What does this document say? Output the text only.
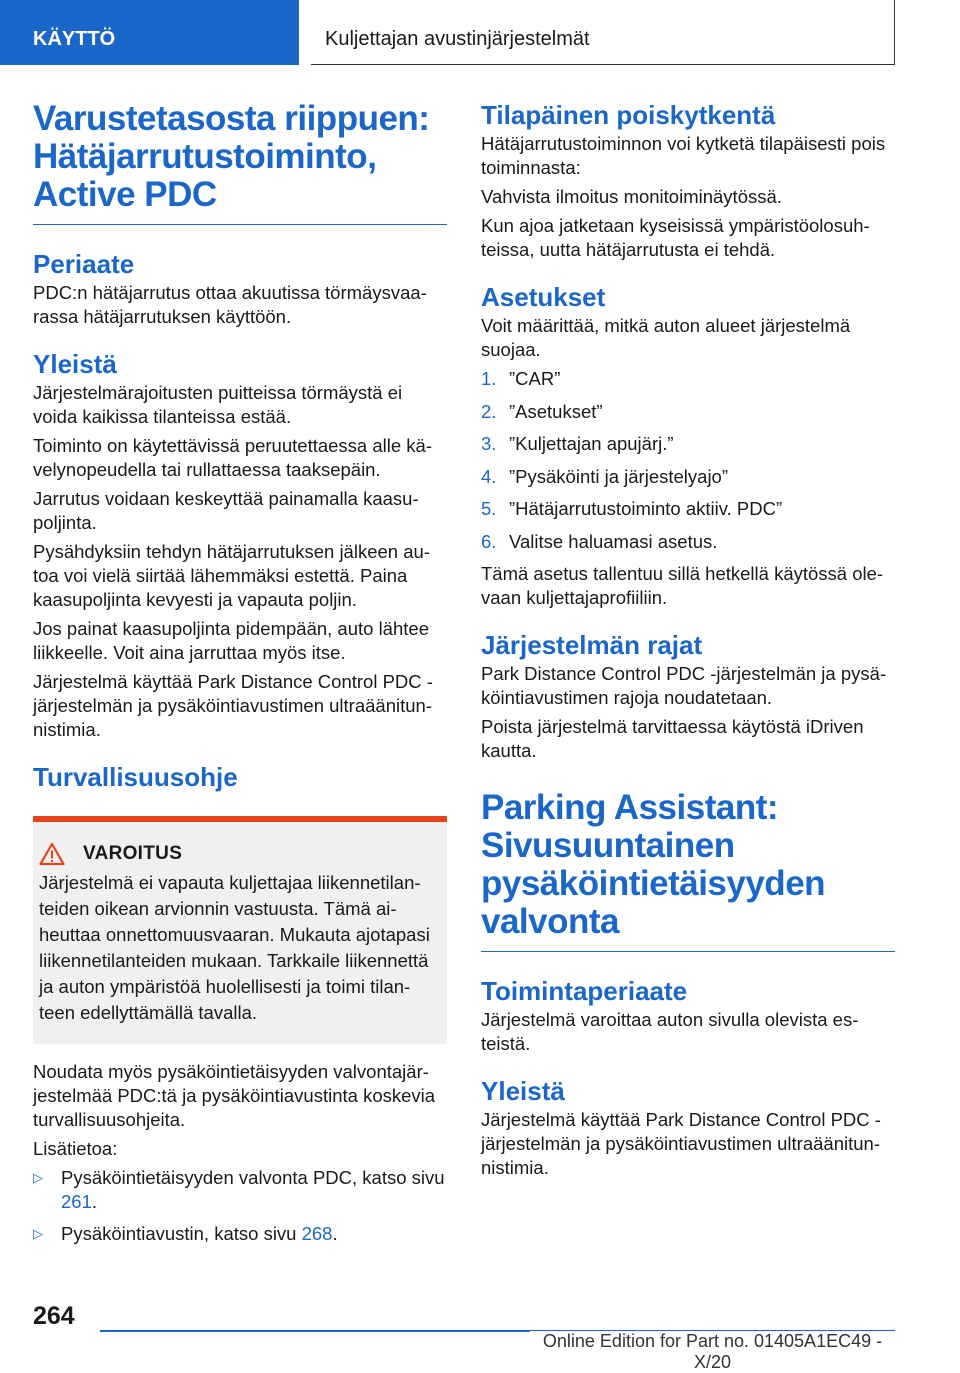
KÄYTTÖ	Kuljettajan avustinjärjestelmät
Varustetasosta riippuen: Hätäjarrutustoiminto, Active PDC
Periaate

PDC:n hätäjarrutus ottaa akuutissa törmäysvaarassa hätäjarrutuksen käyttöön.

Yleistä

Järjestelmärajoitusten puitteissa törmäystä ei voida kaikissa tilanteissa estää.

Toiminto on käytettävissä peruutettaessa alle kävelynopeudella tai rullattaessa taaksepäin.

Jarrutus voidaan keskeyttää painamalla kaasupoljinta.

Pysähdyksiin tehdyn hätäjarrutuksen jälkeen autoa voi vielä siirtää lähemmäksi estettä. Paina kaasupoljinta kevyesti ja vapauta poljin.

Jos painat kaasupoljinta pidempään, auto lähtee liikkeelle. Voit aina jarruttaa myös itse.

Järjestelmä käyttää Park Distance Control PDC -järjestelmän ja pysäköintiavustimen ultraäänitunnistimia.

Turvallisuusohje
VAROITUS

Järjestelmä ei vapauta kuljettajaa liikennetilanteiden oikean arvionnin vastuusta. Tämä aiheuttaa onnettomuusvaaran. Mukauta ajotapasi liikennetilanteiden mukaan. Tarkkaile liikennettä ja auton ympäristöä huolellisesti ja toimi tilanteen edellyttämällä tavalla.

Noudata myös pysäköintietäisyyden valvontajärjestelmää PDC:tä ja pysäköintiavustinta koskevia turvallisuusohjeita.

Lisätietoa:

▷ Pysäköintietäisyyden valvonta PDC, katso sivu 261.
▷ Pysäköintiavustin, katso sivu 268.
Tilapäinen poiskytkentä

Hätäjarrutustoiminnon voi kytketä tilapäisesti pois toiminnasta:

Vahvista ilmoitus monitoiminäytössä.

Kun ajoa jatketaan kyseisissä ympäristöolosuhteissa, uutta hätäjarrutusta ei tehdä.

Asetukset

Voit määrittää, mitkä auton alueet järjestelmä suojaa.

1. ”CAR”
2. ”Asetukset”
3. ”Kuljettajan apujärj.”
4. ”Pysäköinti ja järjestelyajo”
5. ”Hätäjarrutustoiminto aktiiv. PDC”
6. Valitse haluamasi asetus.

Tämä asetus tallentuu sillä hetkellä käytössä olevaan kuljettajaprofiiliin.

Järjestelmän rajat

Park Distance Control PDC -järjestelmän ja pysäköintiavustimen rajoja noudatetaan.

Poista järjestelmä tarvittaessa käytöstä iDriven kautta.

Parking Assistant: Sivusuuntainen pysäköintietäisyyden valvonta
Toimintaperiaate

Järjestelmä varoittaa auton sivulla olevista esteistä.

Yleistä

Järjestelmä käyttää Park Distance Control PDC -järjestelmän ja pysäköintiavustimen ultraäänitunnistimia.

264
Online Edition for Part no. 01405A1EC49 - X/20
